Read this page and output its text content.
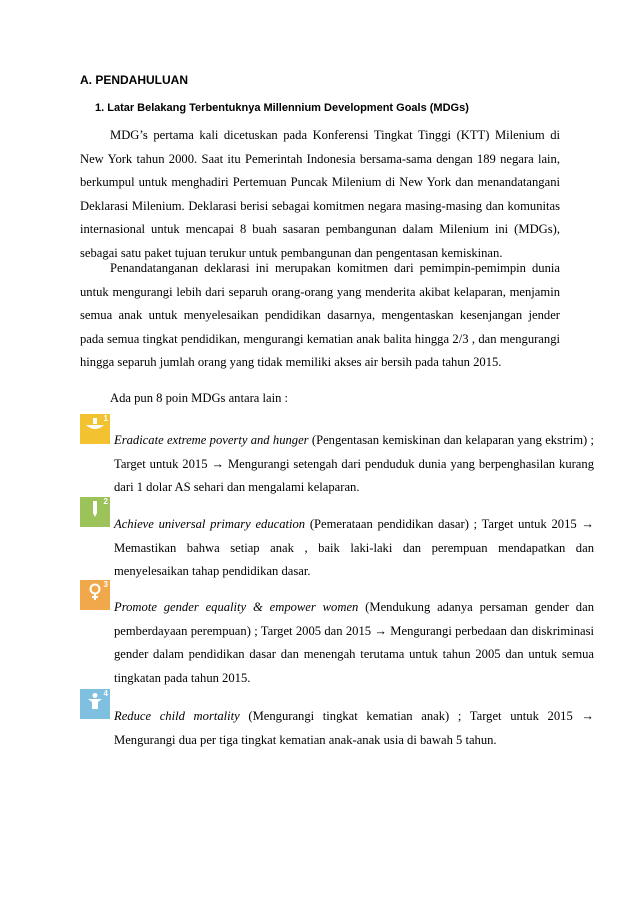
A. PENDAHULUAN
1. Latar Belakang Terbentuknya Millennium Development Goals (MDGs)
MDG’s pertama kali dicetuskan pada Konferensi Tingkat Tinggi (KTT) Milenium di New York tahun 2000. Saat itu Pemerintah Indonesia bersama-sama dengan 189 negara lain, berkumpul untuk menghadiri Pertemuan Puncak Milenium di New York dan menandatangani Deklarasi Milenium. Deklarasi berisi sebagai komitmen negara masing-masing dan komunitas internasional untuk mencapai 8 buah sasaran pembangunan dalam Milenium ini (MDGs), sebagai satu paket tujuan terukur untuk pembangunan dan pengentasan kemiskinan.
Penandatanganan deklarasi ini merupakan komitmen dari pemimpin-pemimpin dunia untuk mengurangi lebih dari separuh orang-orang yang menderita akibat kelaparan, menjamin semua anak untuk menyelesaikan pendidikan dasarnya, mengentaskan kesenjangan jender pada semua tingkat pendidikan, mengurangi kematian anak balita hingga 2/3 , dan mengurangi hingga separuh jumlah orang yang tidak memiliki akses air bersih pada tahun 2015.
Ada pun 8 poin MDGs antara lain :
1
Eradicate extreme poverty and hunger (Pengentasan kemiskinan dan kelaparan yang ekstrim) ; Target untuk 2015 → Mengurangi setengah dari penduduk dunia yang berpenghasilan kurang dari 1 dolar AS sehari dan mengalami kelaparan.
2
Achieve universal primary education (Pemerataan pendidikan dasar) ; Target untuk 2015 → Memastikan bahwa setiap anak , baik laki-laki dan perempuan mendapatkan dan menyelesaikan tahap pendidikan dasar.
3
Promote gender equality & empower women (Mendukung adanya persaman gender dan pemberdayaan perempuan) ; Target 2005 dan 2015 → Mengurangi perbedaan dan diskriminasi gender dalam pendidikan dasar dan menengah terutama untuk tahun 2005 dan untuk semua tingkatan pada tahun 2015.
4
Reduce child mortality (Mengurangi tingkat kematian anak) ; Target untuk 2015 → Mengurangi dua per tiga tingkat kematian anak-anak usia di bawah 5 tahun.
